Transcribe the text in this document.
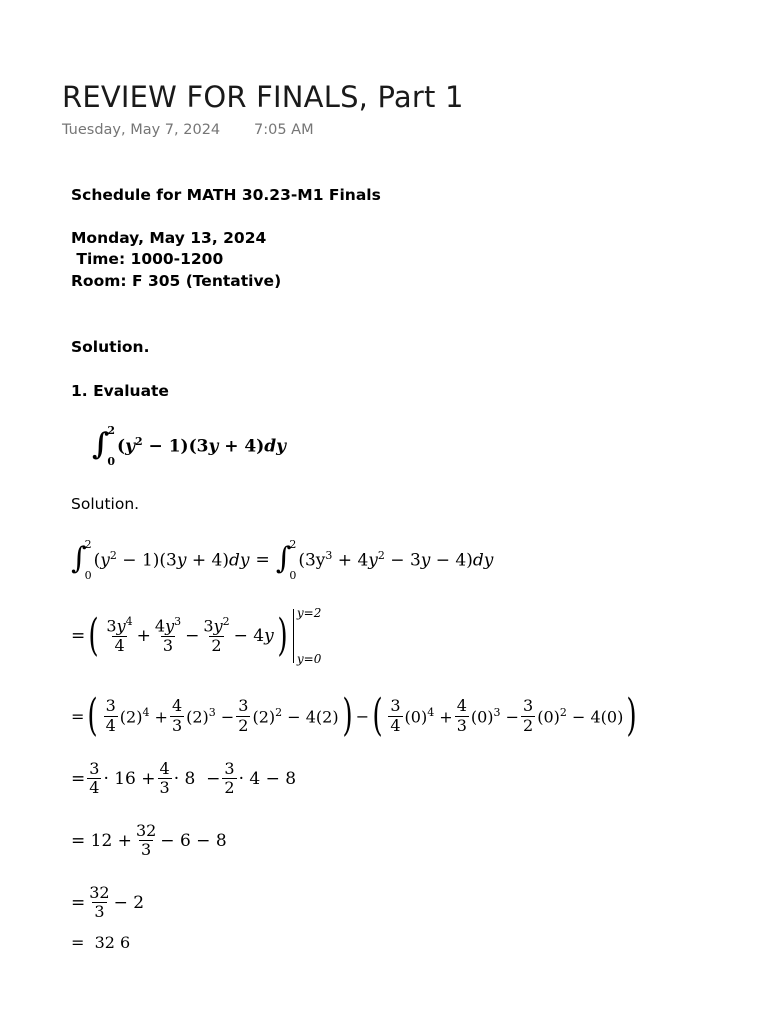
REVIEW FOR FINALS, Part 1
Tuesday, May 7, 2024 7:05 AM
Schedule for MATH 30.23-M1 Finals
Monday, May 13, 2024
Time: 1000-1200
Room: F 305 (Tentative)
Solution.
1. Evaluate
∫
2
0
$(y^2 - 1)(3y + 4)dy$
Solution.
∫
2
0
$(y^2 - 1)(3y + 4)dy$ = ∫
2
0
$(3y^3 + 4y^2 - 3y - 4)dy$
= ( $\frac{3y^4}{4} + \frac{4y^3}{3} - \frac{3y^2}{2} - 4y$ ) y=2
y=0
= ( $\frac{3}{4} (2)^4 + \frac{4}{3} (2)^3 - \frac{3}{2} (2)^2 - 4(2)$ ) − ( $\frac{3}{4} (0)^4 + \frac{4}{3} (0)^3 - \frac{3}{2} (0)^2 - 4(0)$ )
= $\frac{3}{4} \cdot 16 + \frac{4}{3} \cdot 8 - \frac{3}{2} \cdot 4 - 8$
= $12 + \frac{32}{3} - 6 - 8$
= $\frac{32}{3} - 2$
=  32 6
